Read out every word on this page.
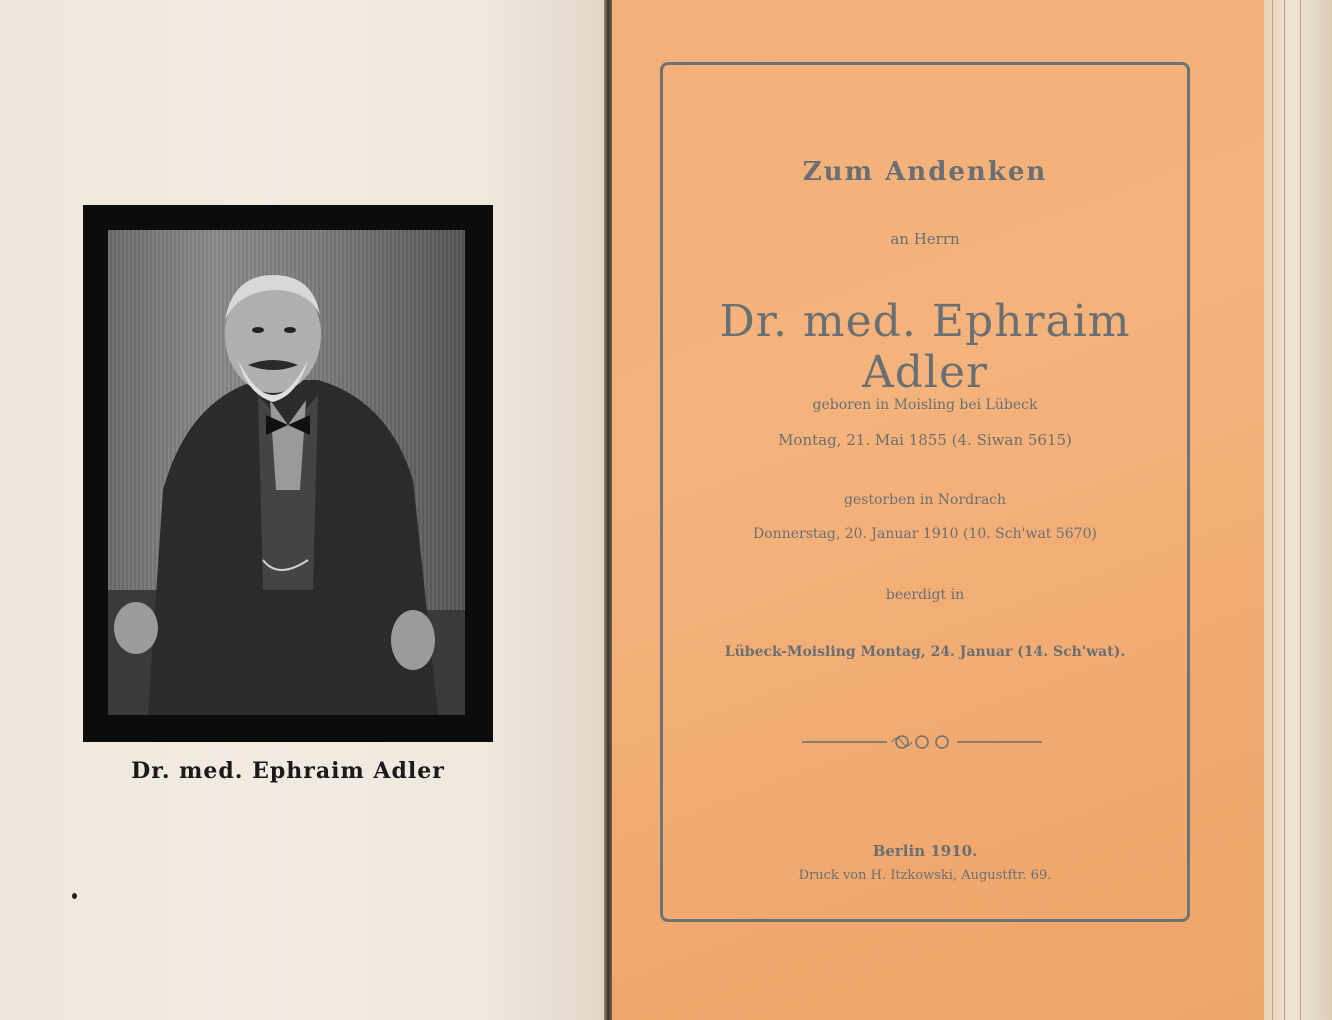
Dr. med. Ephraim Adler
Zum Andenken
an Herrn
Dr. med. Ephraim Adler
geboren in Moisling bei Lübeck
Montag, 21. Mai 1855 (4. Siwan 5615)
gestorben in Nordrach
Donnerstag, 20. Januar 1910 (10. Sch'wat 5670)
beerdigt in
Lübeck-Moisling Montag, 24. Januar (14. Sch'wat).
Berlin 1910.
Druck von H. Itzkowski, Augustftr. 69.
